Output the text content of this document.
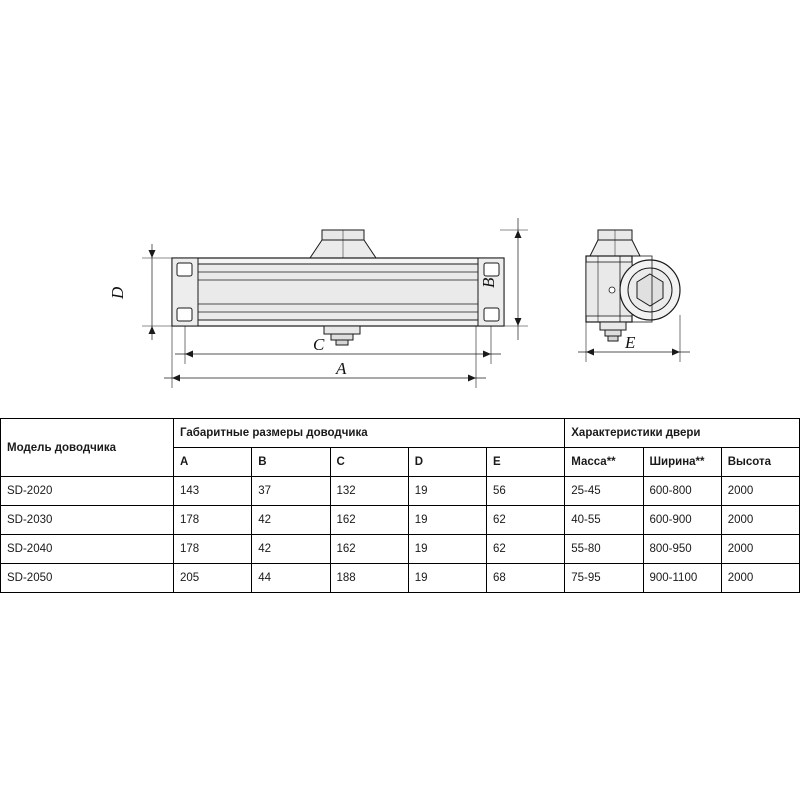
D
B
C
A
E
Модель доводчика	Габаритные размеры доводчика					Характеристики двери		
	A	B	C	D	E	Масса**	Ширина**	Высота
SD-2020	143	37	132	19	56	25-45	600-800	2000
SD-2030	178	42	162	19	62	40-55	600-900	2000
SD-2040	178	42	162	19	62	55-80	800-950	2000
SD-2050	205	44	188	19	68	75-95	900-1100	2000
